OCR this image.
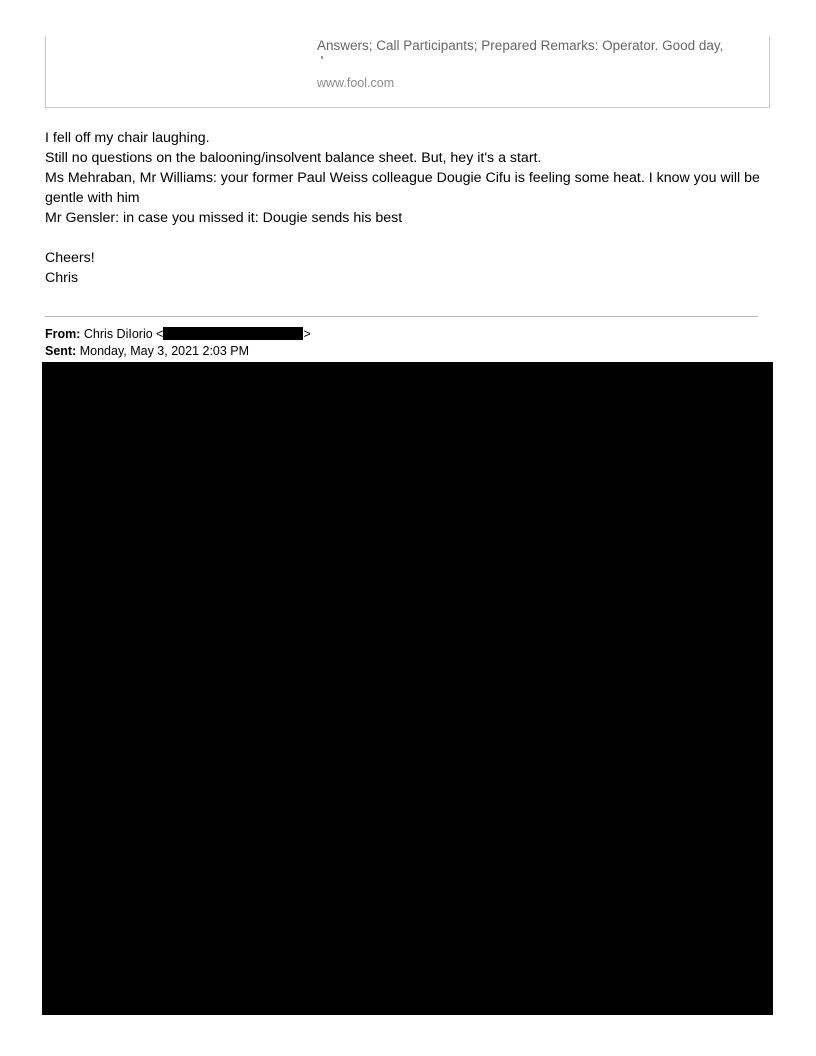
Answers; Call Participants; Prepared Remarks: Operator. Good day,
www.fool.com

I fell off my chair laughing.

Still no questions on the balooning/insolvent balance sheet. But, hey it's a start.

Ms Mehraban, Mr Williams: your former Paul Weiss colleague Dougie Cifu is feeling some heat. I know you will be gentle with him

Mr Gensler: in case you missed it: Dougie sends his best

Cheers!

Chris

From: Chris DiIorio <	>
Sent: Monday, May 3, 2021 2:03 PM
